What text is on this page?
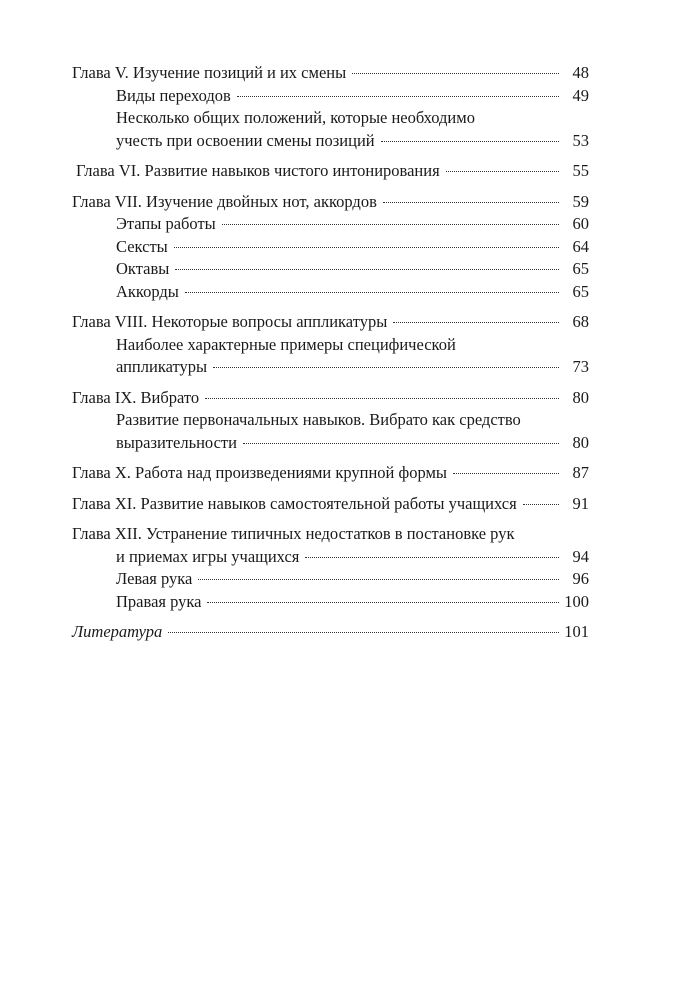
Глава V. Изучение позиций и их смены	48
Виды переходов	49
Несколько общих положений, которые необходимо
учесть при освоении смены позиций	53
Глава VI. Развитие навыков чистого интонирования	55
Глава VII. Изучение двойных нот, аккордов	59
Этапы работы	60
Сексты	64
Октавы	65
Аккорды	65
Глава VIII. Некоторые вопросы аппликатуры	68
Наиболее характерные примеры специфической
аппликатуры	73
Глава IX. Вибрато	80
Развитие первоначальных навыков. Вибрато как средство
выразительности	80
Глава X. Работа над произведениями крупной формы	87
Глава XI. Развитие навыков самостоятельной работы учащихся	91
Глава XII. Устранение типичных недостатков в постановке рук
и приемах игры учащихся	94
Левая рука	96
Правая рука	100
Литература	101
